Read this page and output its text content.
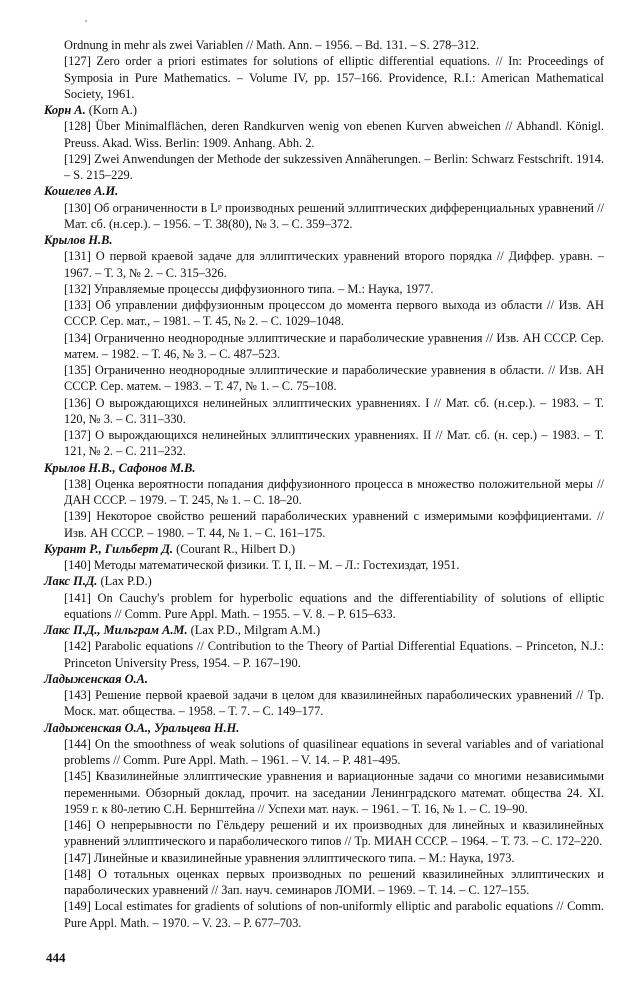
'
Ordnung in mehr als zwei Variablen // Math. Ann. – 1956. – Bd. 131. – S. 278–312.
[127] Zero order a priori estimates for solutions of elliptic differential equations. // In: Proceedings of Symposia in Pure Mathematics. – Volume IV, pp. 157–166. Providence, R.I.: American Mathematical Society, 1961.
Корн А. (Korn A.)
[128] Über Minimalflächen, deren Randkurven wenig von ebenen Kurven abweichen // Abhandl. Königl. Preuss. Akad. Wiss. Berlin: 1909. Anhang. Abh. 2.
[129] Zwei Anwendungen der Methode der sukzessiven Annäherungen. – Berlin: Schwarz Festschrift. 1914. – S. 215–229.
Кошелев А.И.
[130] Об ограниченности в Lᵖ производных решений эллиптических дифференциальных уравнений // Мат. сб. (н.сер.). – 1956. – Т. 38(80), № 3. – С. 359–372.
Крылов Н.В.
[131] О первой краевой задаче для эллиптических уравнений второго порядка // Диффер. уравн. – 1967. – Т. 3, № 2. – С. 315–326.
[132] Управляемые процессы диффузионного типа. – М.: Наука, 1977.
[133] Об управлении диффузионным процессом до момента первого выхода из области // Изв. АН СССР. Сер. мат., – 1981. – Т. 45, № 2. – С. 1029–1048.
[134] Ограниченно неоднородные эллиптические и параболические уравнения // Изв. АН СССР. Сер. матем. – 1982. – Т. 46, № 3. – С. 487–523.
[135] Ограниченно неоднородные эллиптические и параболические уравнения в области. // Изв. АН СССР. Сер. матем. – 1983. – Т. 47, № 1. – С. 75–108.
[136] О вырождающихся нелинейных эллиптических уравнениях. I // Мат. сб. (н.сер.). – 1983. – Т. 120, № 3. – С. 311–330.
[137] О вырождающихся нелинейных эллиптических уравнениях. II // Мат. сб. (н. сер.) – 1983. – Т. 121, № 2. – С. 211–232.
Крылов Н.В., Сафонов М.В.
[138] Оценка вероятности попадания диффузионного процесса в множество положительной меры // ДАН СССР. – 1979. – Т. 245, № 1. – С. 18–20.
[139] Некоторое свойство решений параболических уравнений с измеримыми коэффициентами. // Изв. АН СССР. – 1980. – Т. 44, № 1. – С. 161–175.
Курант Р., Гильберт Д. (Courant R., Hilbert D.)
[140] Методы математической физики. Т. I, II. – М. – Л.: Гостехиздат, 1951.
Лакс П.Д. (Lax P.D.)
[141] On Cauchy's problem for hyperbolic equations and the differentiability of solutions of elliptic equations // Comm. Pure Appl. Math. – 1955. – V. 8. – P. 615–633.
Лакс П.Д., Мильграм А.М. (Lax P.D., Milgram A.M.)
[142] Parabolic equations // Contribution to the Theory of Partial Differential Equations. – Princeton, N.J.: Princeton University Press, 1954. – P. 167–190.
Ладыженская О.А.
[143] Решение первой краевой задачи в целом для квазилинейных параболических уравнений // Тр. Моск. мат. общества. – 1958. – Т. 7. – С. 149–177.
Ладыженская О.А., Уральцева Н.Н.
[144] On the smoothness of weak solutions of quasilinear equations in several variables and of variational problems // Comm. Pure Appl. Math. – 1961. – V. 14. – P. 481–495.
[145] Квазилинейные эллиптические уравнения и вариационные задачи со многими независимыми переменными. Обзорный доклад, прочит. на заседании Ленинградского математ. общества 24. XI. 1959 г. к 80-летию С.Н. Бернштейна // Успехи мат. наук. – 1961. – Т. 16, № 1. – С. 19–90.
[146] О непрерывности по Гёльдеру решений и их производных для линейных и квазилинейных уравнений эллиптического и параболического типов // Тр. МИАН СССР. – 1964. – Т. 73. – С. 172–220.
[147] Линейные и квазилинейные уравнения эллиптического типа. – М.: Наука, 1973.
[148] О тотальных оценках первых производных по решений квазилинейных эллиптических и параболических уравнений // Зап. науч. семинаров ЛОМИ. – 1969. – Т. 14. – С. 127–155.
[149] Local estimates for gradients of solutions of non-uniformly elliptic and parabolic equations // Comm. Pure Appl. Math. – 1970. – V. 23. – P. 677–703.
444
